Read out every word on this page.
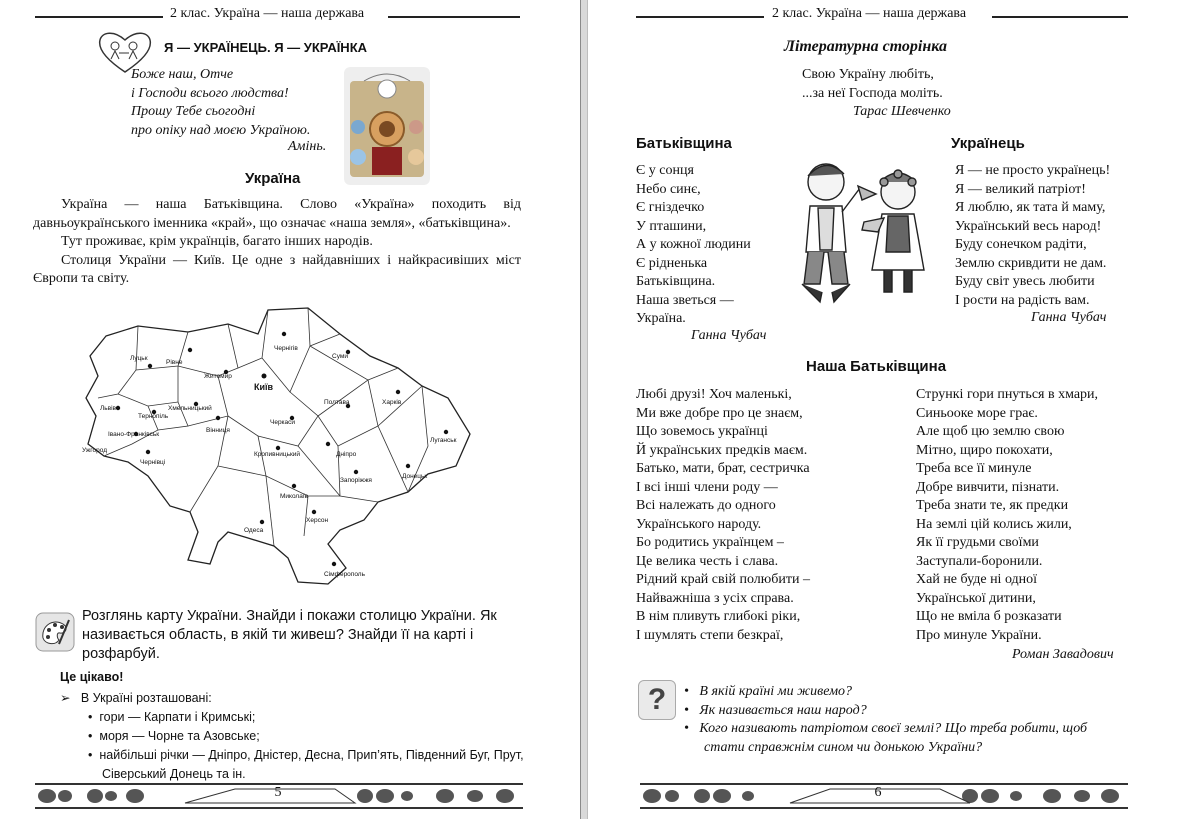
2 клас. Україна — наша держава
Я — УКРАЇНЕЦЬ. Я — УКРАЇНКА
Боже наш, Отче
і Господи всього людства!
Прошу Тебе сьогодні
про опіку над моєю Україною.
Амінь.
Україна
Україна — наша Батьківщина. Слово «Україна» походить від давньоукраїнського іменника «край», що означає «наша земля», «батьківщина».
Тут проживає, крім українців, багато інших народів.
Столиця України — Київ. Це одне з найдавніших і найкрасивіших міст Європи та світу.
Луцьк
Рівне
Житомир
Чернігів
Суми
Київ
Львів
Тернопіль
Хмельницький
Полтава	Харків
Івано-Франківськ
Ужгород
Вінниця
Черкаси
Чернівці
Кропивницький	Дніпро
Луганськ
Запоріжжя
Донецьк
Миколаїв
Херсон
Одеса
Сімферополь
Розглянь карту України. Знайди і покажи столицю України. Як називається область, в якій ти живеш? Знайди її на карті і розфарбуй.
Це цікаво!
➢ В Україні розташовані:
• гори — Карпати і Кримські;
• моря — Чорне та Азовське;
• найбільші річки — Дніпро, Дністер, Десна, Прип’ять, Південний Буг, Прут,
Сіверський Донець та ін.
5
2 клас. Україна — наша держава
Літературна сторінка
Свою Україну любіть,
...за неї Господа моліть.
Тарас Шевченко
Батьківщина
Є у сонця
Небо синє,
Є гніздечко
У пташини,
А у кожної людини
Є рідненька
Батьківщина.
Наша зветься —
Україна.
Ганна Чубач
Українець
Я — не просто українець!
Я — великий патріот!
Я люблю, як тата й маму,
Український весь народ!
Буду сонечком радіти,
Землю скривдити не дам.
Буду світ увесь любити
І рости на радість вам.
Ганна Чубач
Наша Батьківщина
Любі друзі! Хоч маленькі,
Ми вже добре про це знаєм,
Що зовемось українці
Й українських предків маєм.
Батько, мати, брат, сестричка
І всі інші члени роду —
Всі належать до одного
Українського народу.
Бо родитись українцем –
Це велика честь і слава.
Рідний край свій полюбити –
Найважніша з усіх справа.
В нім пливуть глибокі ріки,
І шумлять степи безкраї,
Стрункі гори пнуться в хмари,
Синьооке море грає.
Але щоб цю землю свою
Мітно, щиро покохати,
Треба все її минуле
Добре вивчити, пізнати.
Треба знати те, як предки
На землі цій колись жили,
Як її грудьми своїми
Заступали-боронили.
Хай не буде ні одної
Української дитини,
Що не вміла б розказати
Про минуле України.
Роман Завадович
?	• В якій країні ми живемо?
• Як називається наш народ?
• Кого називають патріотом своєї землі? Що треба робити, щоб
стати справжнім сином чи донькою України?
6
